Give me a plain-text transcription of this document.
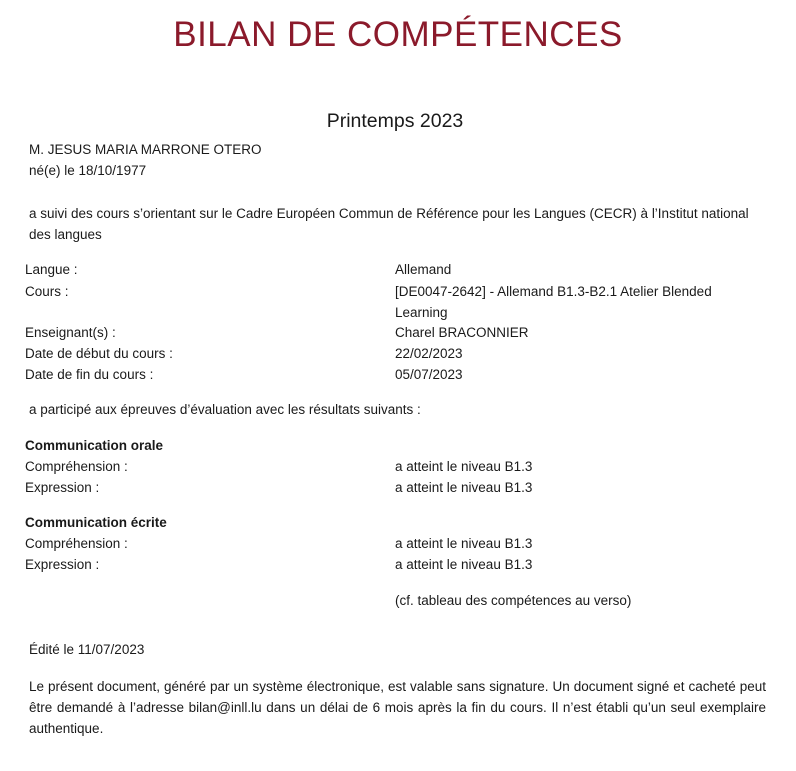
BILAN DE COMPÉTENCES
Printemps 2023
M. JESUS MARIA MARRONE OTERO
né(e) le 18/10/1977
a suivi des cours s’orientant sur le Cadre Européen Commun de Référence pour les Langues (CECR) à l’Institut national des langues
Langue :	Allemand
Cours :	[DE0047-2642] - Allemand B1.3-B2.1 Atelier Blended Learning
Enseignant(s) :	Charel BRACONNIER
Date de début du cours :	22/02/2023
Date de fin du cours :	05/07/2023
a participé aux épreuves d’évaluation avec les résultats suivants :
Communication orale
Compréhension :	a atteint le niveau B1.3
Expression :	a atteint le niveau B1.3
Communication écrite
Compréhension :	a atteint le niveau B1.3
Expression :	a atteint le niveau B1.3
(cf. tableau des compétences au verso)
Édité le 11/07/2023
Le présent document, généré par un système électronique, est valable sans signature. Un document signé et cacheté peut être demandé à l’adresse bilan@inll.lu dans un délai de 6 mois après la fin du cours. Il n’est établi qu’un seul exemplaire authentique.
